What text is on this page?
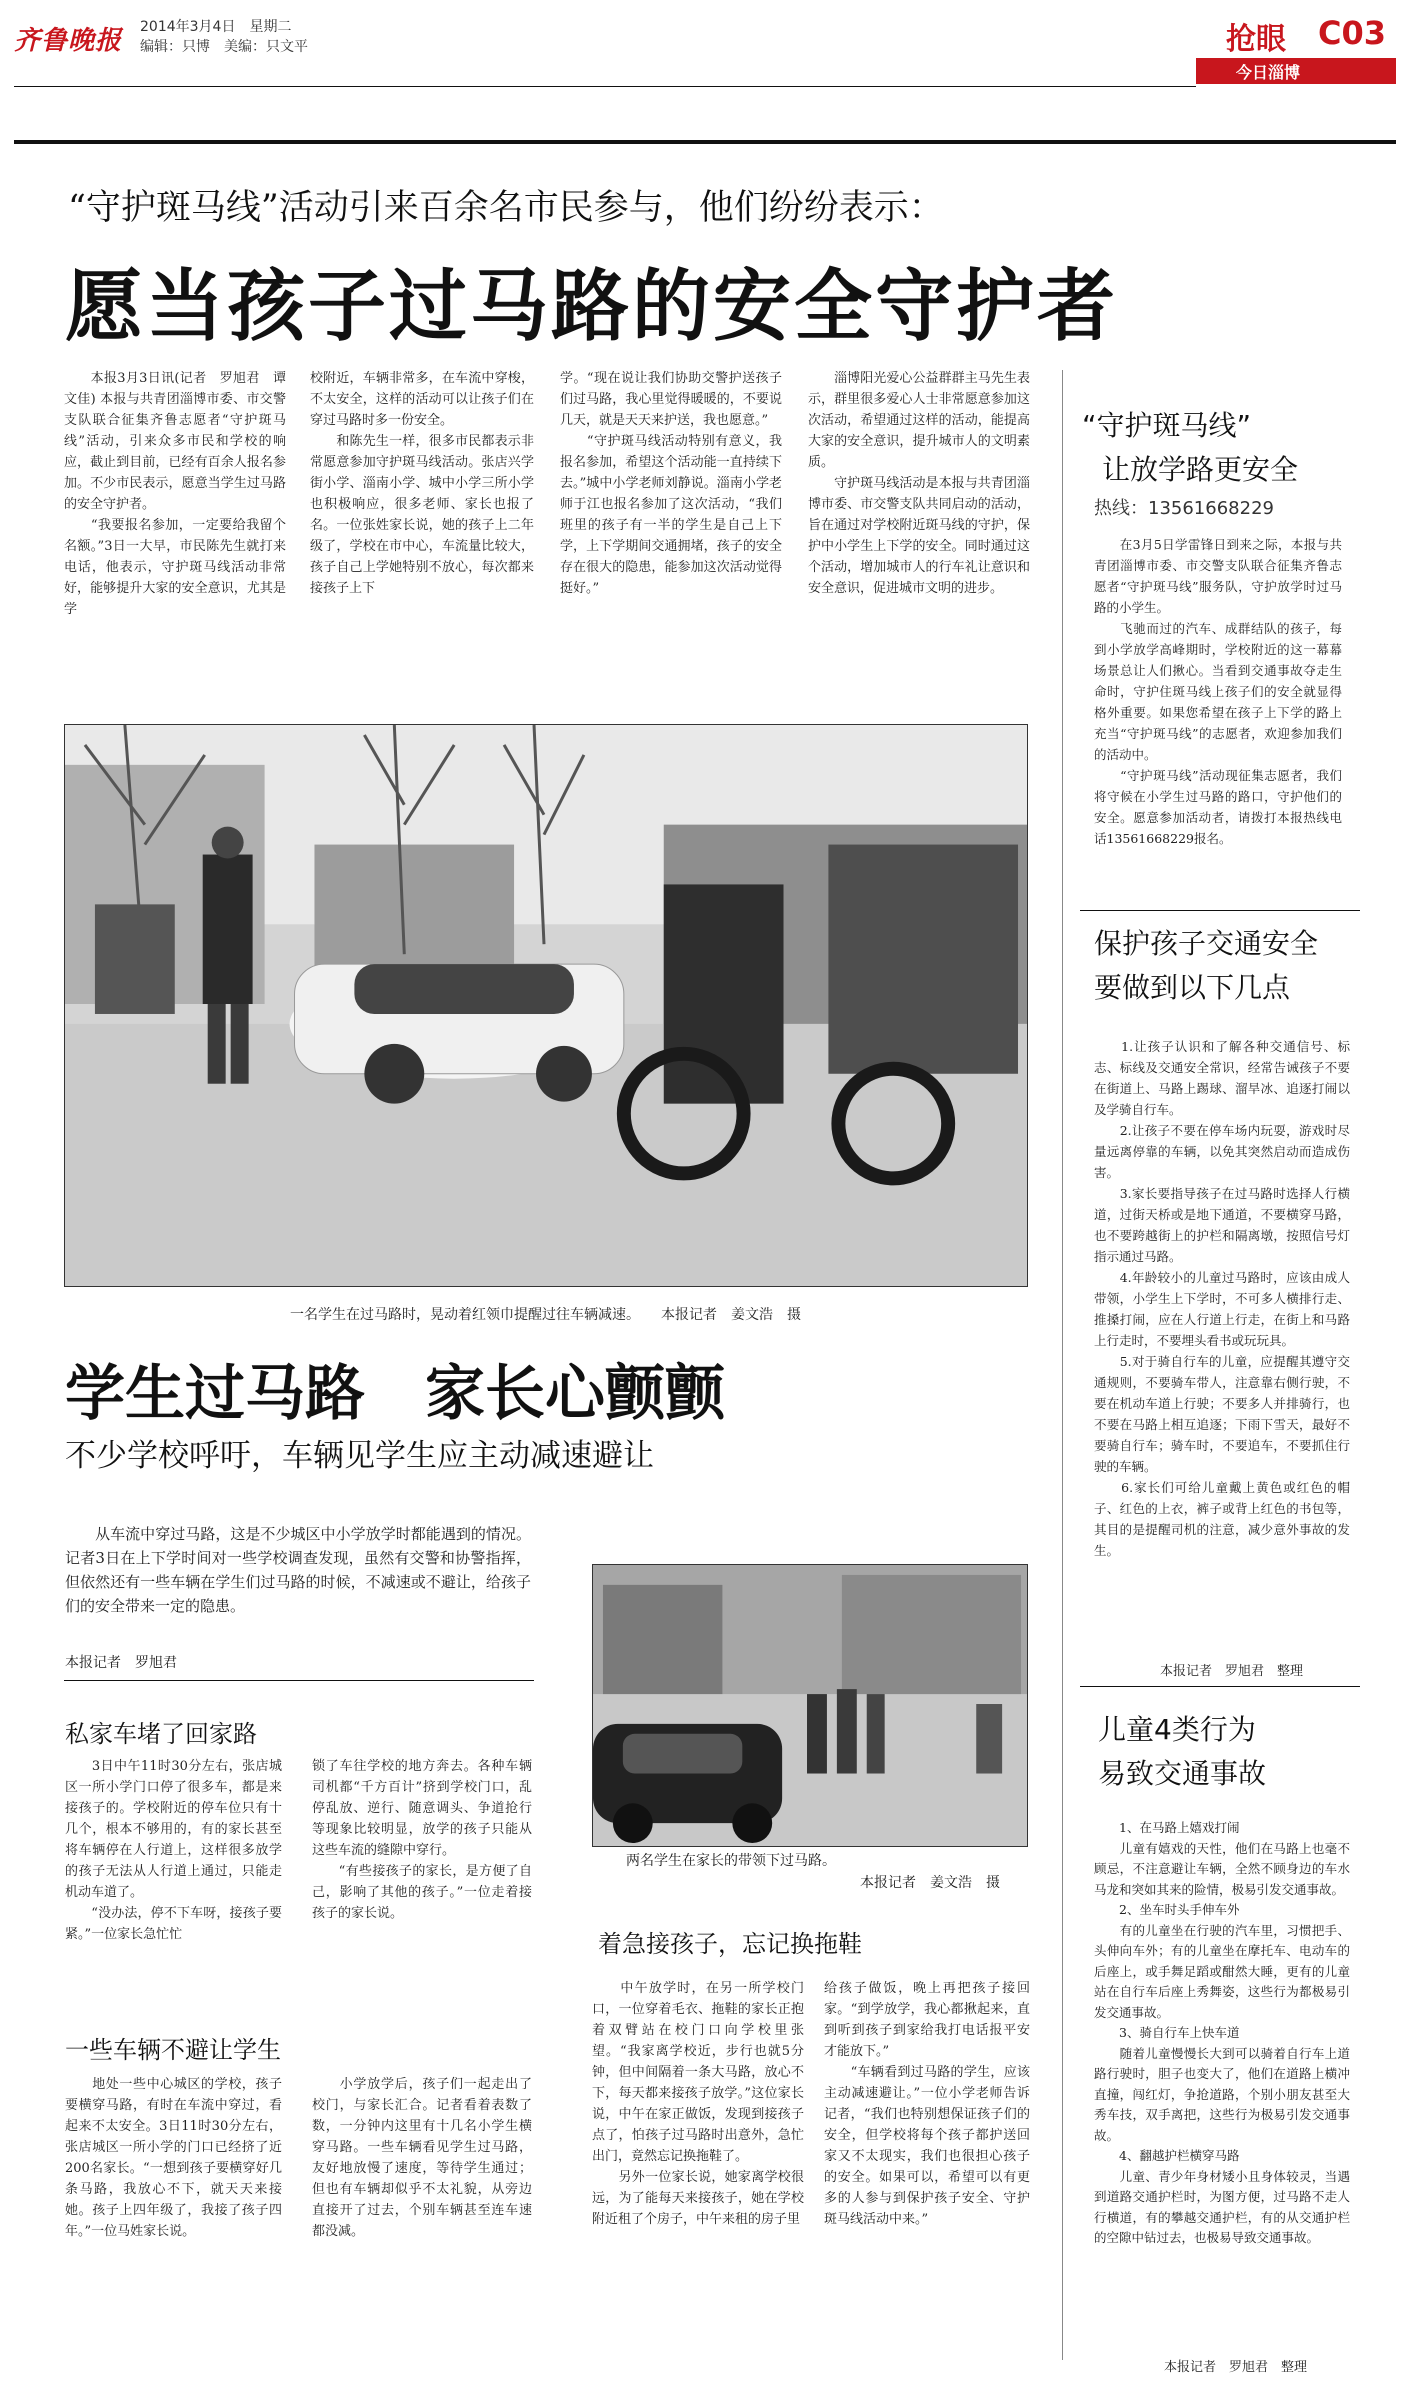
齐鲁晚报 2014年3月4日　星期二
编辑：只博　美编：只文平	抢眼 C03
今日淄博
“守护斑马线”活动引来百余名市民参与，他们纷纷表示：
愿当孩子过马路的安全守护者
　　本报3月3日讯(记者　罗旭君　谭文佳) 本报与共青团淄博市委、市交警支队联合征集齐鲁志愿者“守护斑马线”活动，引来众多市民和学校的响应，截止到目前，已经有百余人报名参加。不少市民表示，愿意当学生过马路的安全守护者。
　　“我要报名参加，一定要给我留个名额。”3日一大早，市民陈先生就打来电话，他表示，守护斑马线活动非常好，能够提升大家的安全意识，尤其是学
校附近，车辆非常多，在车流中穿梭，不太安全，这样的活动可以让孩子们在穿过马路时多一份安全。
　　和陈先生一样，很多市民都表示非常愿意参加守护斑马线活动。张店兴学街小学、淄南小学、城中小学三所小学也积极响应，很多老师、家长也报了名。一位张姓家长说，她的孩子上二年级了，学校在市中心，车流量比较大，孩子自己上学她特别不放心，每次都来接孩子上下
学。“现在说让我们协助交警护送孩子们过马路，我心里觉得暖暖的，不要说几天，就是天天来护送，我也愿意。”
　　“守护斑马线活动特别有意义，我报名参加，希望这个活动能一直持续下去。”城中小学老师刘静说。淄南小学老师于江也报名参加了这次活动，“我们班里的孩子有一半的学生是自己上下学，上下学期间交通拥堵，孩子的安全存在很大的隐患，能参加这次活动觉得挺好。”
　　淄博阳光爱心公益群群主马先生表示，群里很多爱心人士非常愿意参加这次活动，希望通过这样的活动，能提高大家的安全意识，提升城市人的文明素质。
　　守护斑马线活动是本报与共青团淄博市委、市交警支队共同启动的活动，旨在通过对学校附近斑马线的守护，保护中小学生上下学的安全。同时通过这个活动，增加城市人的行车礼让意识和安全意识，促进城市文明的进步。
一名学生在过马路时，晃动着红领巾提醒过往车辆减速。　　本报记者　姜文浩　摄
学生过马路　家长心颤颤
不少学校呼吁，车辆见学生应主动减速避让
　　从车流中穿过马路，这是不少城区中小学放学时都能遇到的情况。记者3日在上下学时间对一些学校调查发现，虽然有交警和协警指挥，但依然还有一些车辆在学生们过马路的时候，不减速或不避让，给孩子们的安全带来一定的隐患。
本报记者　罗旭君
私家车堵了回家路
　　3日中午11时30分左右，张店城区一所小学门口停了很多车，都是来接孩子的。学校附近的停车位只有十几个，根本不够用的，有的家长甚至将车辆停在人行道上，这样很多放学的孩子无法从人行道上通过，只能走机动车道了。
　　“没办法，停不下车呀，接孩子要紧。”一位家长急忙忙
锁了车往学校的地方奔去。各种车辆司机都“千方百计”挤到学校门口，乱停乱放、逆行、随意调头、争道抢行等现象比较明显，放学的孩子只能从这些车流的缝隙中穿行。
　　“有些接孩子的家长，是方便了自己，影响了其他的孩子。”一位走着接孩子的家长说。
一些车辆不避让学生
　　地处一些中心城区的学校，孩子要横穿马路，有时在车流中穿过，看起来不太安全。3日11时30分左右，张店城区一所小学的门口已经挤了近200名家长。“一想到孩子要横穿好几条马路，我放心不下，就天天来接她。孩子上四年级了，我接了孩子四年。”一位马姓家长说。
　　小学放学后，孩子们一起走出了校门，与家长汇合。记者看着表数了数，一分钟内这里有十几名小学生横穿马路。一些车辆看见学生过马路，友好地放慢了速度，等待学生通过；但也有车辆却似乎不太礼貌，从旁边直接开了过去，个别车辆甚至连车速都没减。
两名学生在家长的带领下过马路。
本报记者　姜文浩　摄
着急接孩子，忘记换拖鞋
　　中午放学时，在另一所学校门口，一位穿着毛衣、拖鞋的家长正抱着双臂站在校门口向学校里张望。“我家离学校近，步行也就5分钟，但中间隔着一条大马路，放心不下，每天都来接孩子放学。”这位家长说，中午在家正做饭，发现到接孩子点了，怕孩子过马路时出意外，急忙出门，竟然忘记换拖鞋了。
　　另外一位家长说，她家离学校很远，为了能每天来接孩子，她在学校附近租了个房子，中午来租的房子里
给孩子做饭，晚上再把孩子接回家。“到学放学，我心都揪起来，直到听到孩子到家给我打电话报平安才能放下。”
　　“车辆看到过马路的学生，应该主动减速避让。”一位小学老师告诉记者，“我们也特别想保证孩子们的安全，但学校将每个孩子都护送回家又不太现实，我们也很担心孩子的安全。如果可以，希望可以有更多的人参与到保护孩子安全、守护斑马线活动中来。”
“守护斑马线”
让放学路更安全
热线：13561668229
　　在3月5日学雷锋日到来之际，本报与共青团淄博市委、市交警支队联合征集齐鲁志愿者“守护斑马线”服务队，守护放学时过马路的小学生。
　　飞驰而过的汽车、成群结队的孩子，每到小学放学高峰期时，学校附近的这一幕幕场景总让人们揪心。当看到交通事故夺走生命时，守护住斑马线上孩子们的安全就显得格外重要。如果您希望在孩子上下学的路上充当“守护斑马线”的志愿者，欢迎参加我们的活动中。
　　“守护斑马线”活动现征集志愿者，我们将守候在小学生过马路的路口，守护他们的安全。愿意参加活动者，请拨打本报热线电话13561668229报名。
保护孩子交通安全
要做到以下几点
　　1.让孩子认识和了解各种交通信号、标志、标线及交通安全常识，经常告诫孩子不要在街道上、马路上踢球、溜旱冰、追逐打闹以及学骑自行车。
　　2.让孩子不要在停车场内玩耍，游戏时尽量远离停靠的车辆，以免其突然启动而造成伤害。
　　3.家长要指导孩子在过马路时选择人行横道，过街天桥或是地下通道，不要横穿马路，也不要跨越街上的护栏和隔离墩，按照信号灯指示通过马路。
　　4.年龄较小的儿童过马路时，应该由成人带领，小学生上下学时，不可多人横排行走、推搡打闹，应在人行道上行走，在街上和马路上行走时，不要埋头看书或玩玩具。
　　5.对于骑自行车的儿童，应提醒其遵守交通规则，不要骑车带人，注意靠右侧行驶，不要在机动车道上行驶；不要多人并排骑行，也不要在马路上相互追逐；下雨下雪天，最好不要骑自行车；骑车时，不要追车，不要抓住行驶的车辆。
　　6.家长们可给儿童戴上黄色或红色的帽子、红色的上衣，裤子或背上红色的书包等，其目的是提醒司机的注意，减少意外事故的发生。
本报记者　罗旭君　整理
儿童4类行为
易致交通事故
　　1、在马路上嬉戏打闹
　　儿童有嬉戏的天性，他们在马路上也毫不顾忌，不注意避让车辆，全然不顾身边的车水马龙和突如其来的险情，极易引发交通事故。
　　2、坐车时头手伸车外
　　有的儿童坐在行驶的汽车里，习惯把手、头伸向车外；有的儿童坐在摩托车、电动车的后座上，或手舞足蹈或酣然大睡，更有的儿童站在自行车后座上秀舞姿，这些行为都极易引发交通事故。
　　3、骑自行车上快车道
　　随着儿童慢慢长大到可以骑着自行车上道路行驶时，胆子也变大了，他们在道路上横冲直撞，闯红灯，争抢道路，个别小朋友甚至大秀车技，双手离把，这些行为极易引发交通事故。
　　4、翻越护栏横穿马路
　　儿童、青少年身材矮小且身体较灵，当遇到道路交通护栏时，为图方便，过马路不走人行横道，有的攀越交通护栏，有的从交通护栏的空隙中钻过去，也极易导致交通事故。
本报记者　罗旭君　整理
